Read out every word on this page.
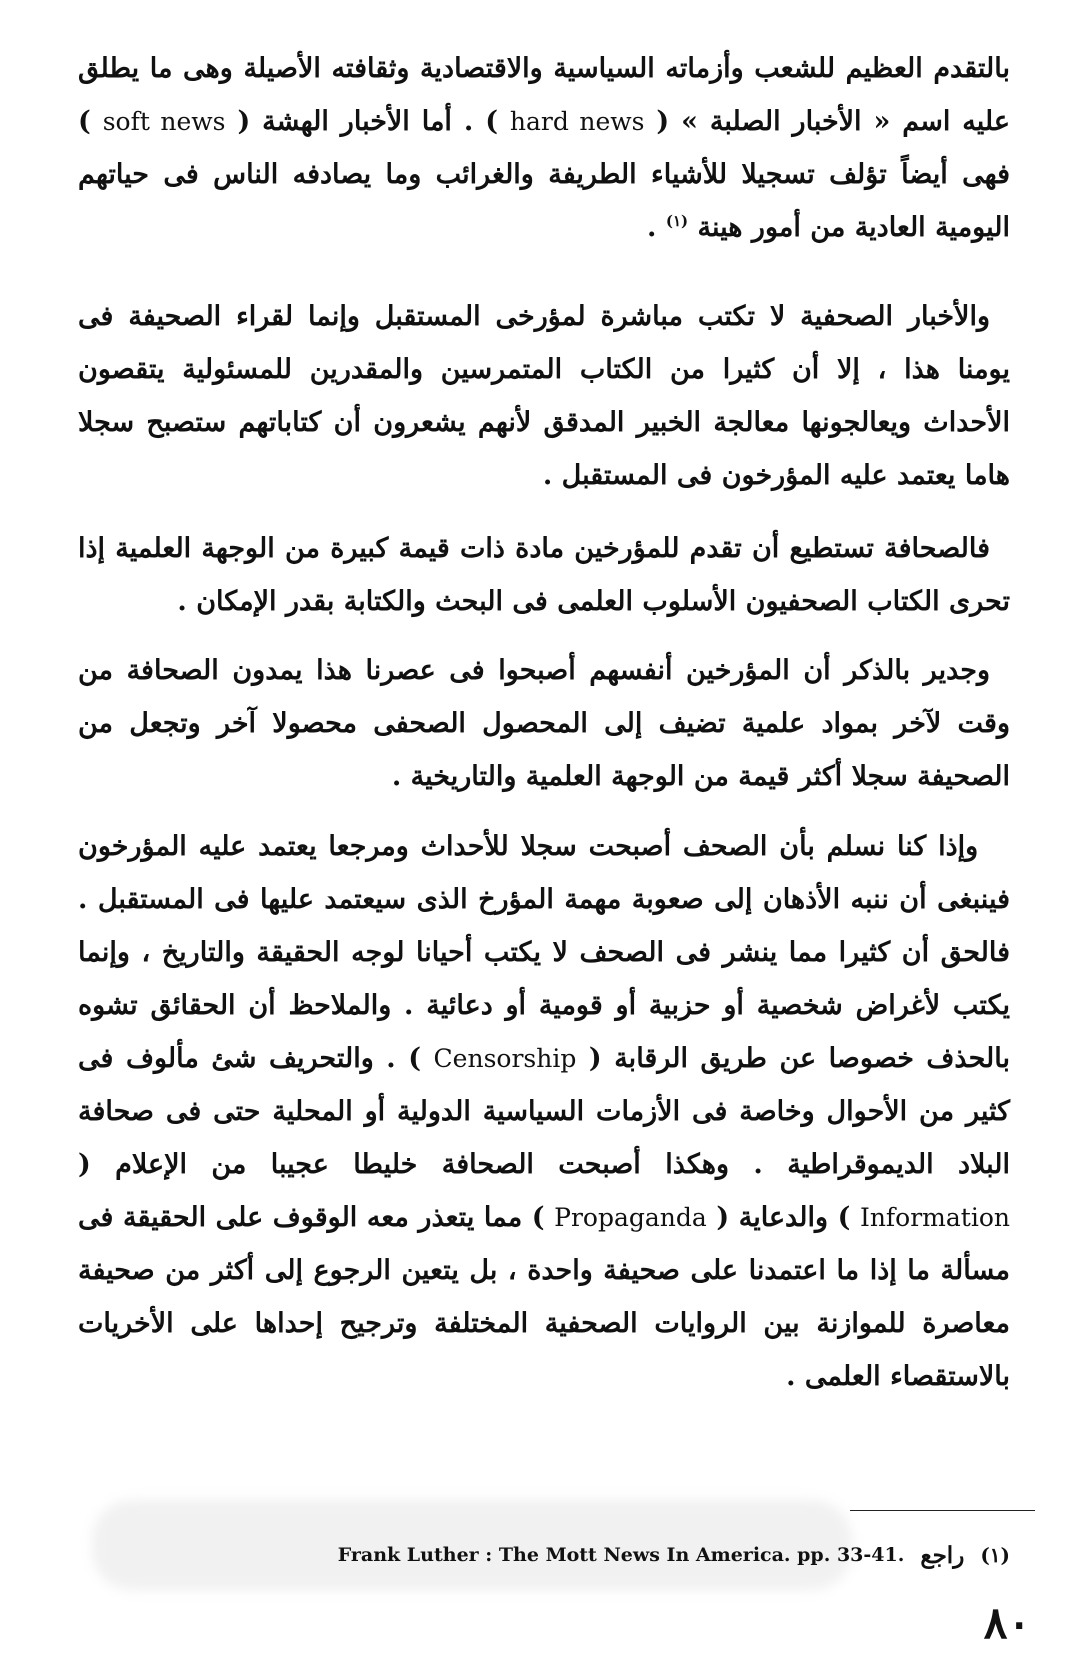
بالتقدم العظيم للشعب وأزماته السياسية والاقتصادية وثقافته الأصيلة وهى ما يطلق عليه اسم « الأخبار الصلبة » ( hard news ) . أما الأخبار الهشة ( soft news ) فهى أيضاً تؤلف تسجيلا للأشياء الطريفة والغرائب وما يصادفه الناس فى حياتهم اليومية العادية من أمور هينة $^{(١)}$ .

والأخبار الصحفية لا تكتب مباشرة لمؤرخى المستقبل وإنما لقراء الصحيفة فى يومنا هذا ، إلا أن كثيرا من الكتاب المتمرسين والمقدرين للمسئولية يتقصون الأحداث ويعالجونها معالجة الخبير المدقق لأنهم يشعرون أن كتاباتهم ستصبح سجلا هاما يعتمد عليه المؤرخون فى المستقبل .

فالصحافة تستطيع أن تقدم للمؤرخين مادة ذات قيمة كبيرة من الوجهة العلمية إذا تحرى الكتاب الصحفيون الأسلوب العلمى فى البحث والكتابة بقدر الإمكان .

وجدير بالذكر أن المؤرخين أنفسهم أصبحوا فى عصرنا هذا يمدون الصحافة من وقت لآخر بمواد علمية تضيف إلى المحصول الصحفى محصولا آخر وتجعل من الصحيفة سجلا أكثر قيمة من الوجهة العلمية والتاريخية .

وإذا كنا نسلم بأن الصحف أصبحت سجلا للأحداث ومرجعا يعتمد عليه المؤرخون فينبغى أن ننبه الأذهان إلى صعوبة مهمة المؤرخ الذى سيعتمد عليها فى المستقبل . فالحق أن كثيرا مما ينشر فى الصحف لا يكتب أحيانا لوجه الحقيقة والتاريخ ، وإنما يكتب لأغراض شخصية أو حزبية أو قومية أو دعائية . والملاحظ أن الحقائق تشوه بالحذف خصوصا عن طريق الرقابة ( Censorship ) . والتحريف شئ مألوف فى كثير من الأحوال وخاصة فى الأزمات السياسية الدولية أو المحلية حتى فى صحافة البلاد الديموقراطية . وهكذا أصبحت الصحافة خليطا عجيبا من الإعلام ( Information ) والدعاية ( Propaganda ) مما يتعذر معه الوقوف على الحقيقة فى مسألة ما إذا ما اعتمدنا على صحيفة واحدة ، بل يتعين الرجوع إلى أكثر من صحيفة معاصرة للموازنة بين الروايات الصحفية المختلفة وترجيح إحداها على الأخريات بالاستقصاء العلمى .

(١)
راجع
Frank Luther : The Mott News In America. pp. 33-41.
٨٠
